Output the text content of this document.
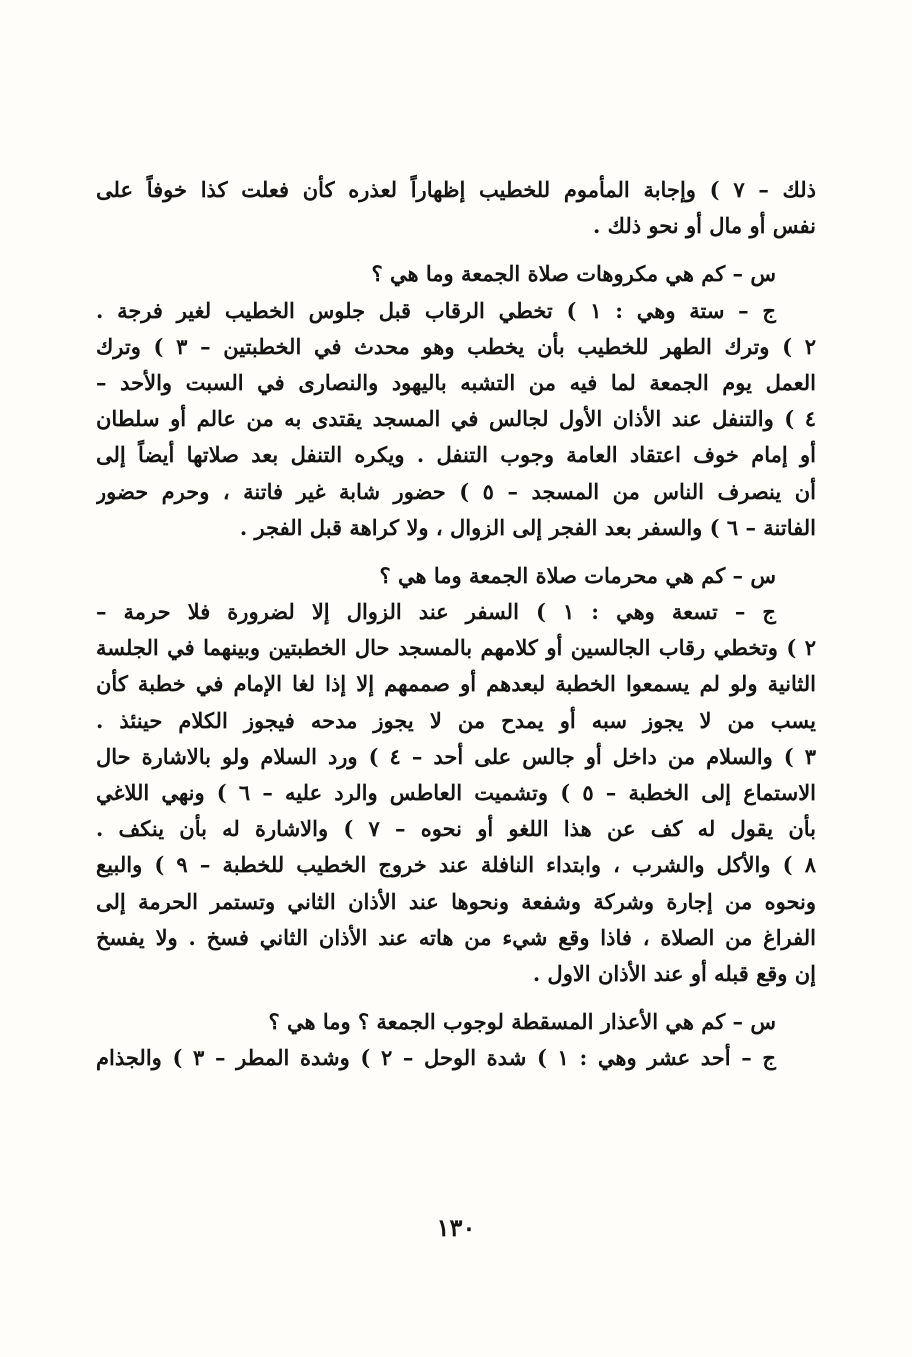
ذلك – ٧ ) وإجابة المأموم للخطيب إظهاراً لعذره كأن فعلت كذا خوفاً على
نفس أو مال أو نحو ذلك .
س – كم هي مكروهات صلاة الجمعة وما هي ؟
ج – ستة وهي : ١ ) تخطي الرقاب قبل جلوس الخطيب لغير فرجة .
٢ ) وترك الطهر للخطيب بأن يخطب وهو محدث في الخطبتين – ٣ ) وترك
العمل يوم الجمعة لما فيه من التشبه باليهود والنصارى في السبت والأحد –
٤ ) والتنفل عند الأذان الأول لجالس في المسجد يقتدى به من عالم أو سلطان
أو إمام خوف اعتقاد العامة وجوب التنفل . ويكره التنفل بعد صلاتها أيضاً إلى
أن ينصرف الناس من المسجد – ٥ ) حضور شابة غير فاتنة ، وحرم حضور
الفاتنة – ٦ ) والسفر بعد الفجر إلى الزوال ، ولا كراهة قبل الفجر .
س – كم هي محرمات صلاة الجمعة وما هي ؟
ج – تسعة وهي : ١ ) السفر عند الزوال إلا لضرورة فلا حرمة –
٢ ) وتخطي رقاب الجالسين أو كلامهم بالمسجد حال الخطبتين وبينهما في الجلسة
الثانية ولو لم يسمعوا الخطبة لبعدهم أو صممهم إلا إذا لغا الإمام في خطبة كأن
يسب من لا يجوز سبه أو يمدح من لا يجوز مدحه فيجوز الكلام حينئذ .
٣ ) والسلام من داخل أو جالس على أحد – ٤ ) ورد السلام ولو بالاشارة حال
الاستماع إلى الخطبة – ٥ ) وتشميت العاطس والرد عليه – ٦ ) ونهي اللاغي
بأن يقول له كف عن هذا اللغو أو نحوه – ٧ ) والاشارة له بأن ينكف .
٨ ) والأكل والشرب ، وابتداء النافلة عند خروج الخطيب للخطبة – ٩ ) والبيع
ونحوه من إجارة وشركة وشفعة ونحوها عند الأذان الثاني وتستمر الحرمة إلى
الفراغ من الصلاة ، فاذا وقع شيء من هاته عند الأذان الثاني فسخ . ولا يفسخ
إن وقع قبله أو عند الأذان الاول .
س – كم هي الأعذار المسقطة لوجوب الجمعة ؟ وما هي ؟
ج – أحد عشر وهي : ١ ) شدة الوحل – ٢ ) وشدة المطر – ٣ ) والجذام
١٣٠
